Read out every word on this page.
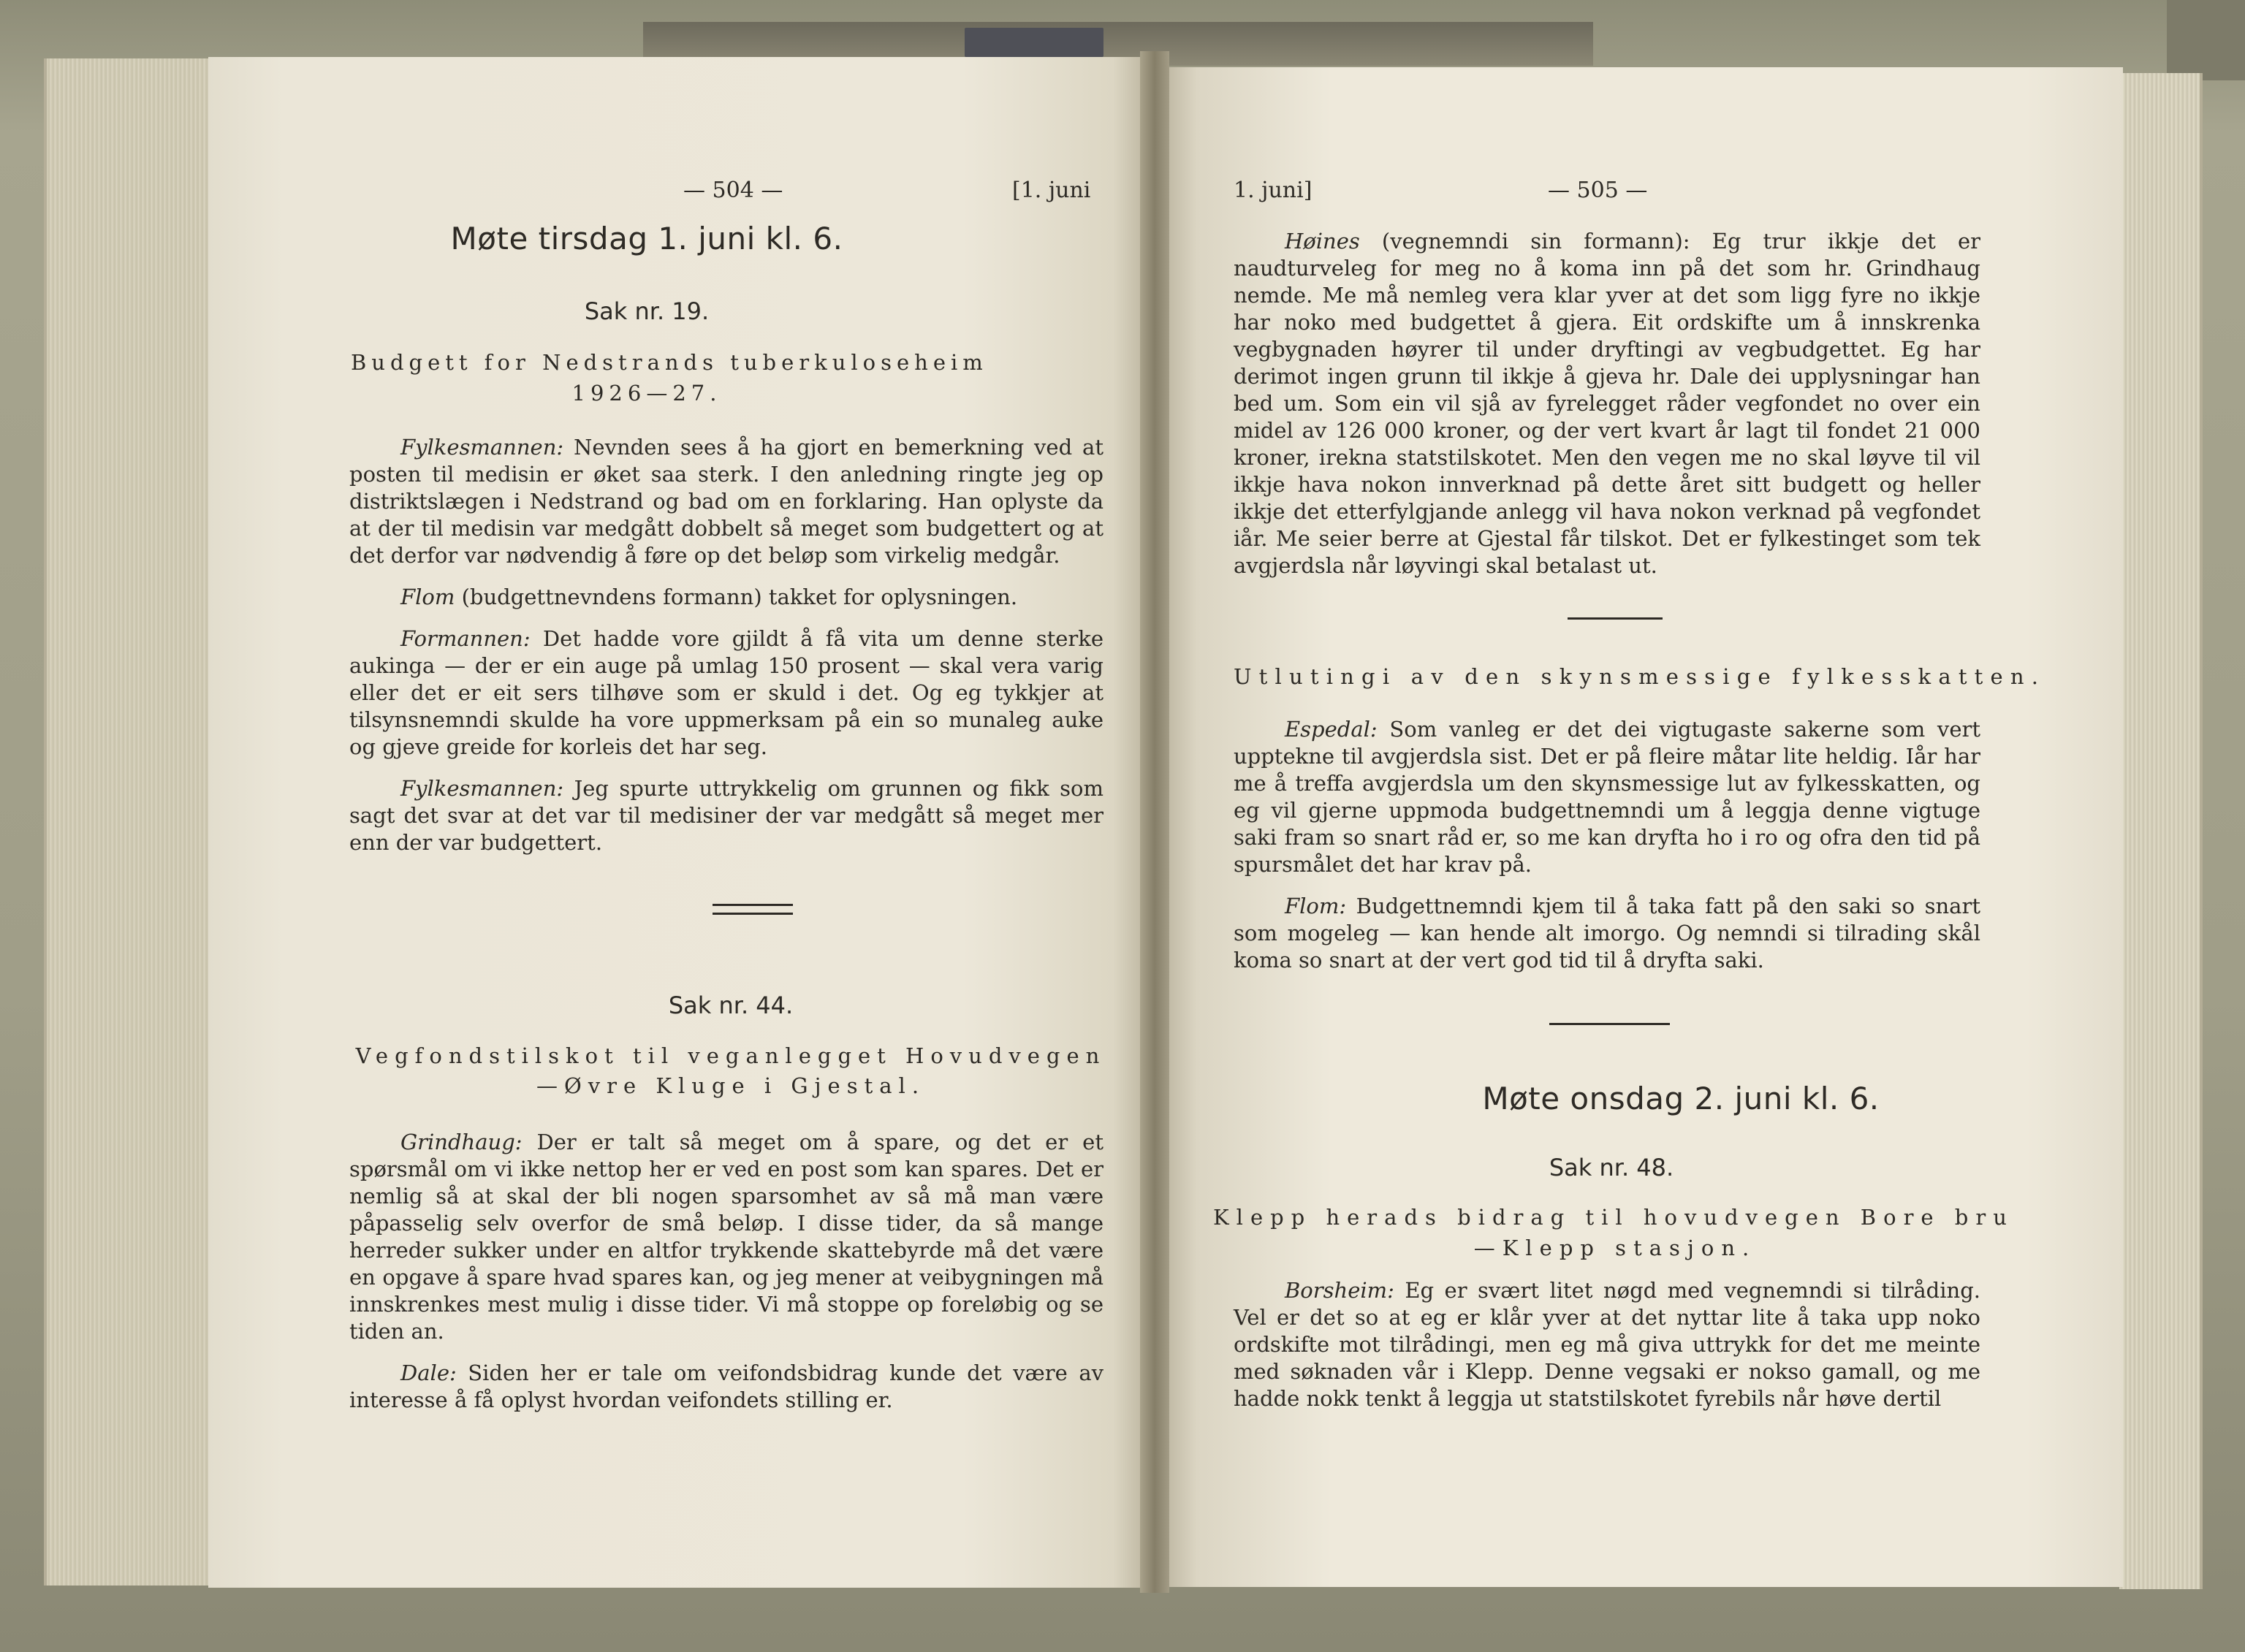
— 504 —	[1. juni
Møte tirsdag 1. juni kl. 6.
Sak nr. 19.
Budgett for Nedstrands tuberkuloseheim
1926—27.

Fylkesmannen: Nevnden sees å ha gjort en bemerkning ved at posten til medisin er øket saa sterk. I den anledning ringte jeg op distriktslægen i Nedstrand og bad om en forklaring. Han oplyste da at der til medisin var medgått dobbelt så meget som budgettert og at det derfor var nødvendig å føre op det beløp som virkelig medgår.

Flom (budgettnevndens formann) takket for oplysningen.

Formannen: Det hadde vore gjildt å få vita um denne sterke aukinga — der er ein auge på umlag 150 prosent — skal vera varig eller det er eit sers tilhøve som er skuld i det. Og eg tykkjer at tilsynsnemndi skulde ha vore uppmerksam på ein so munaleg auke og gjeve greide for korleis det har seg.

Fylkesmannen: Jeg spurte uttrykkelig om grunnen og fikk som sagt det svar at det var til medisiner der var medgått så meget mer enn der var budgettert.

Sak nr. 44.
Vegfondstilskot til veganlegget Hovudvegen
—Øvre Kluge i Gjestal.

Grindhaug: Der er talt så meget om å spare, og det er et spørsmål om vi ikke nettop her er ved en post som kan spares. Det er nemlig så at skal der bli nogen sparsomhet av så må man være påpasselig selv overfor de små beløp. I disse tider, da så mange herreder sukker under en altfor trykkende skattebyrde må det være en opgave å spare hvad spares kan, og jeg mener at veibygningen må innskrenkes mest mulig i disse tider. Vi må stoppe op foreløbig og se tiden an.

Dale: Siden her er tale om veifondsbidrag kunde det være av interesse å få oplyst hvordan veifondets stilling er.

1. juni]	— 505 —

Høines (vegnemndi sin formann): Eg trur ikkje det er naudturveleg for meg no å koma inn på det som hr. Grindhaug nemde. Me må nemleg vera klar yver at det som ligg fyre no ikkje har noko med budgettet å gjera. Eit ordskifte um å innskrenka vegbygnaden høyrer til under dryftingi av vegbudgettet. Eg har derimot ingen grunn til ikkje å gjeva hr. Dale dei upplysningar han bed um. Som ein vil sjå av fyrelegget råder vegfondet no over ein midel av 126 000 kroner, og der vert kvart år lagt til fondet 21 000 kroner, irekna statstilskotet. Men den vegen me no skal løyve til vil ikkje hava nokon innverknad på dette året sitt budgett og heller ikkje det etterfylgjande anlegg vil hava nokon verknad på vegfondet iår. Me seier berre at Gjestal får tilskot. Det er fylkestinget som tek avgjerdsla når løyvingi skal betalast ut.

Utlutingi av den skynsmessige fylkesskatten.

Espedal: Som vanleg er det dei vigtugaste sakerne som vert upptekne til avgjerdsla sist. Det er på fleire måtar lite heldig. Iår har me å treffa avgjerdsla um den skynsmessige lut av fylkesskatten, og eg vil gjerne uppmoda budgettnemndi um å leggja denne vigtuge saki fram so snart råd er, so me kan dryfta ho i ro og ofra den tid på spursmålet det har krav på.

Flom: Budgettnemndi kjem til å taka fatt på den saki so snart som mogeleg — kan hende alt imorgo. Og nemndi si tilrading skål koma so snart at der vert god tid til å dryfta saki.

Møte onsdag 2. juni kl. 6.
Sak nr. 48.
Klepp herads bidrag til hovudvegen Bore bru
—Klepp stasjon.

Borsheim: Eg er svært litet nøgd med vegnemndi si tilråding. Vel er det so at eg er klår yver at det nyttar lite å taka upp noko ordskifte mot tilrådingi, men eg må giva uttrykk for det me meinte med søknaden vår i Klepp. Denne vegsaki er nokso gamall, og me hadde nokk tenkt å leggja ut statstilskotet fyrebils når høve dertil
